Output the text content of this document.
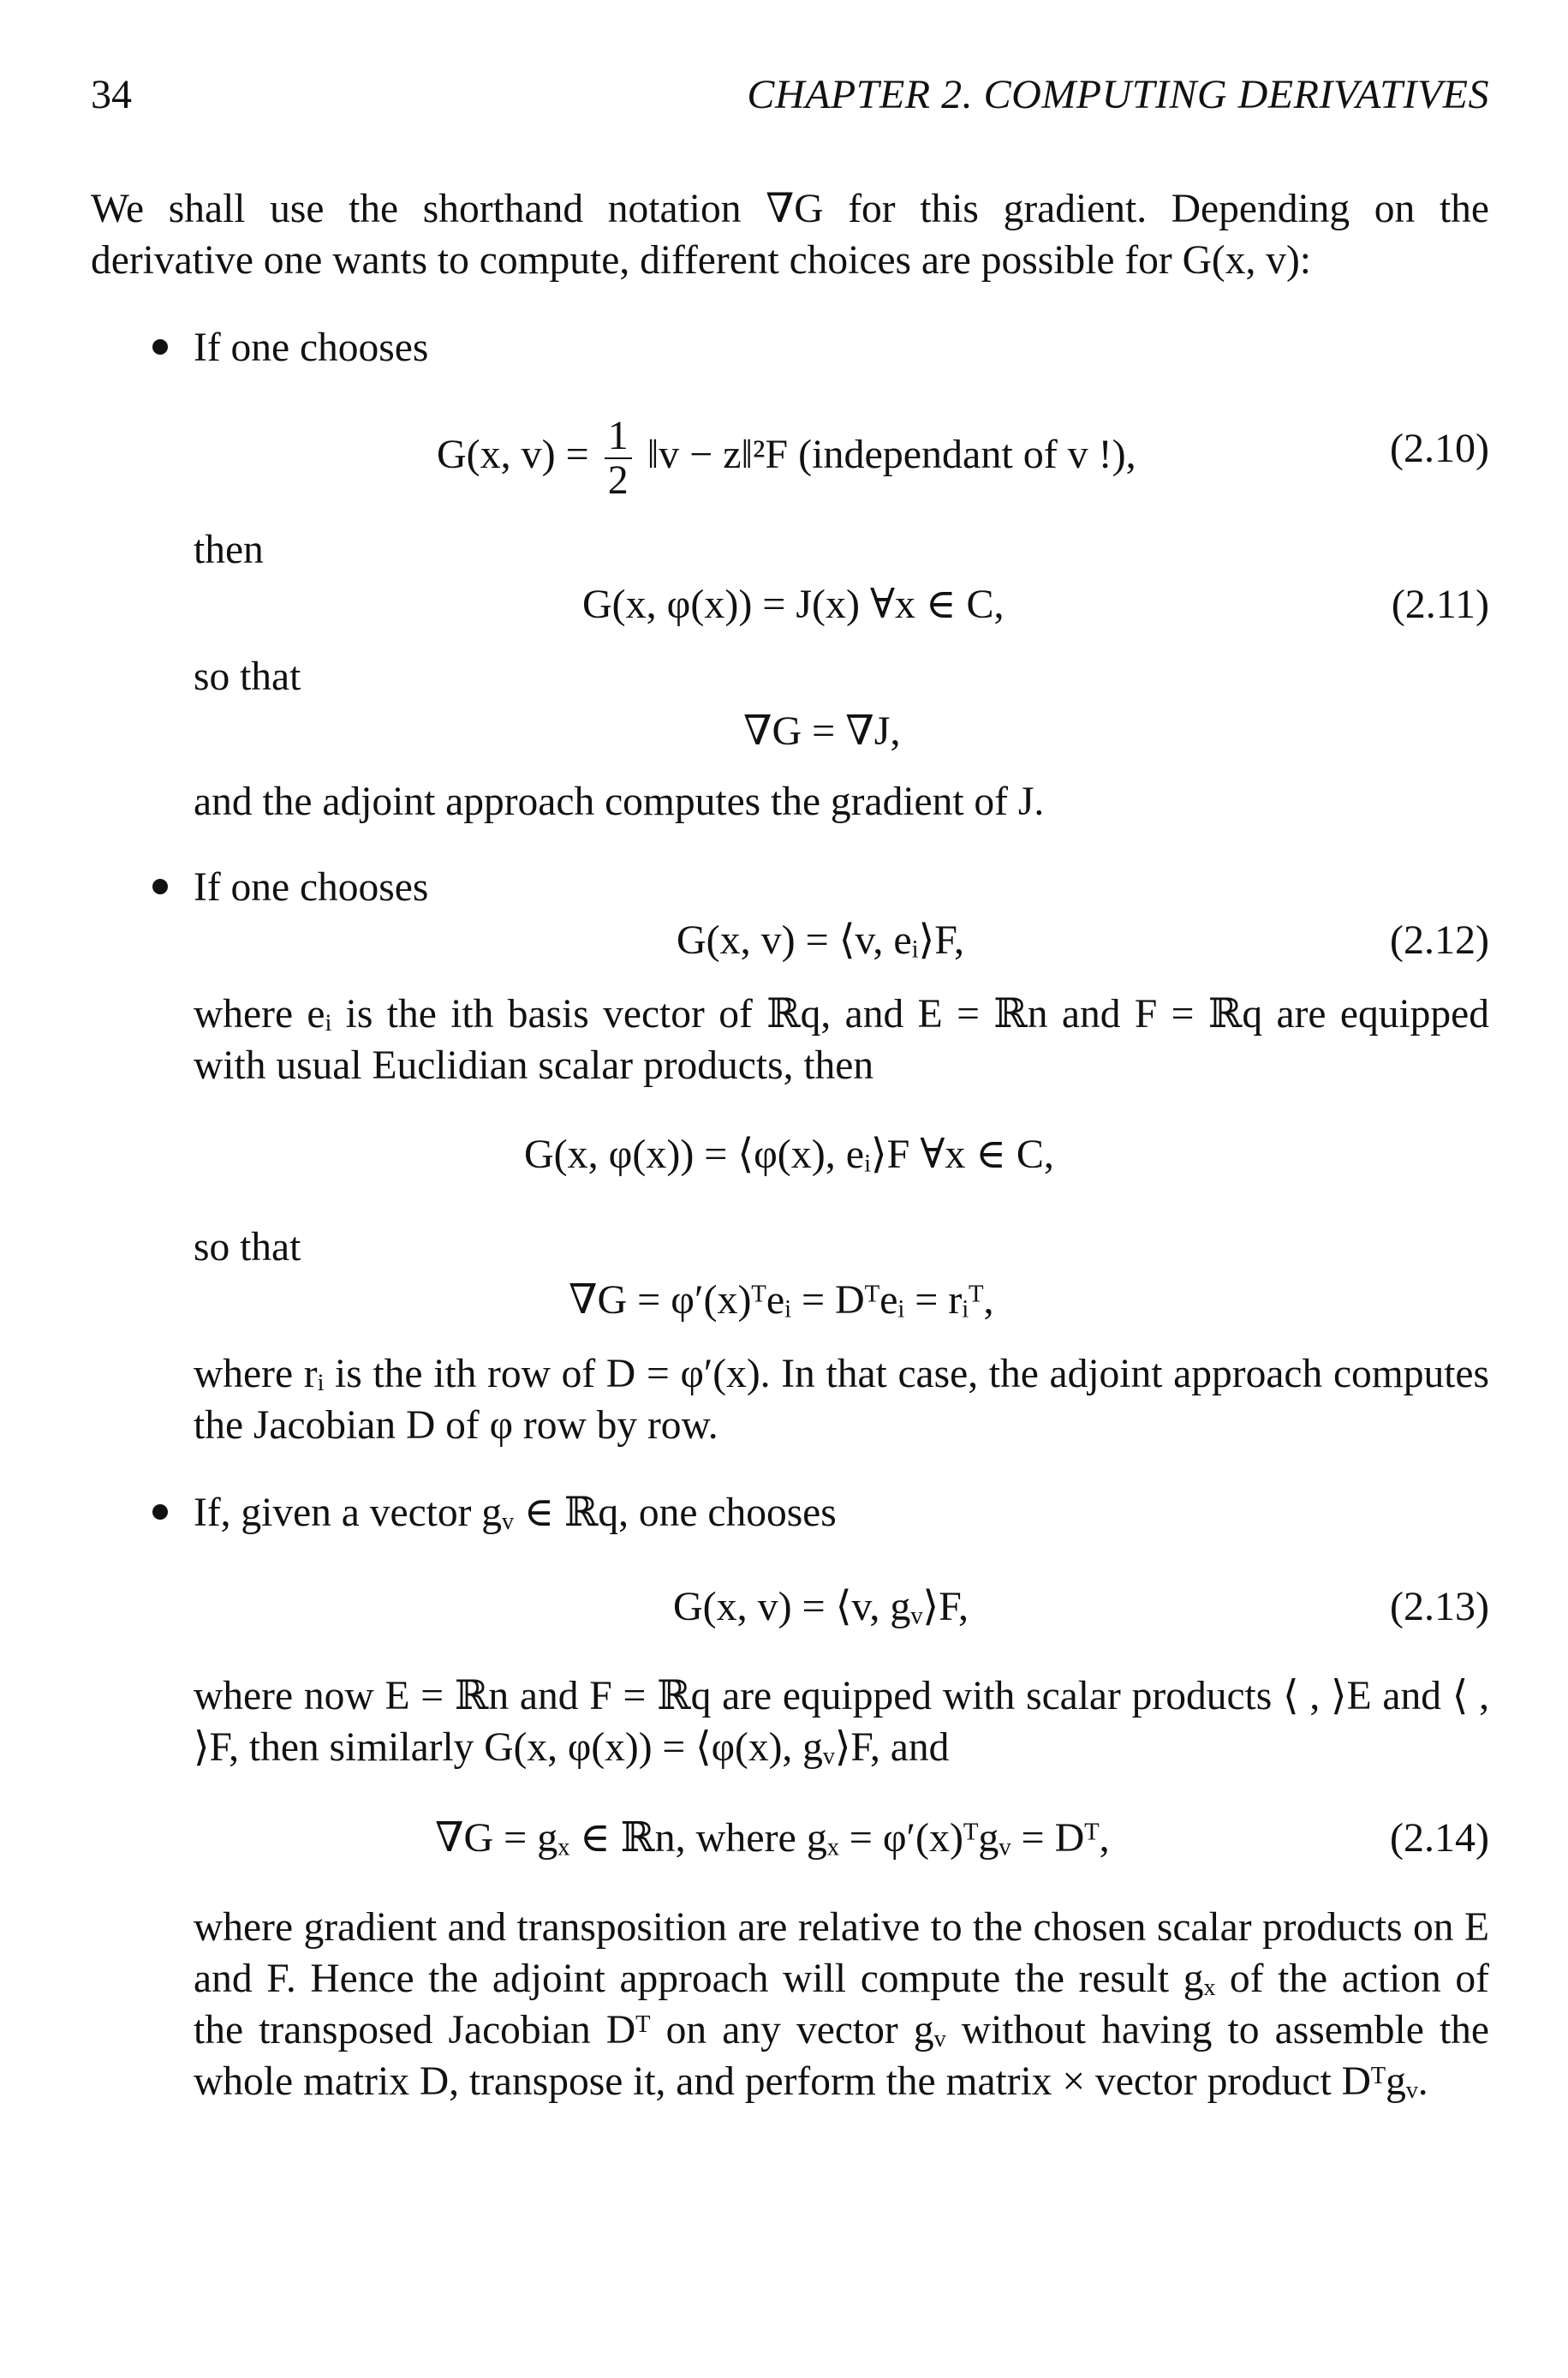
34	CHAPTER 2. COMPUTING DERIVATIVES

We shall use the shorthand notation ∇G for this gradient. Depending on the derivative one wants to compute, different choices are possible for G(x, v):

If one chooses

G(x, $v) = \frac{1}{2}$ ‖v − z‖²F (independant of v !),	(2.10)

then

G(x, φ(x)) = J(x) ∀x ∈ C,	(2.11)

so that

∇G = ∇J,

and the adjoint approach computes the gradient of J.

If one chooses

G(x, v) = ⟨v, eᵢ⟩F,	(2.12)

where eᵢ is the ith basis vector of ℝq, and E = ℝn and F = ℝq are equipped with usual Euclidian scalar products, then

G(x, φ(x)) = ⟨φ(x), eᵢ⟩F ∀x ∈ C,

so that

∇G = φ′(x)ᵀeᵢ = Dᵀeᵢ = rᵢᵀ,

where rᵢ is the ith row of D = φ′(x). In that case, the adjoint approach computes the Jacobian D of φ row by row.

If, given a vector gᵥ ∈ ℝq, one chooses

G(x, v) = ⟨v, gᵥ⟩F,	(2.13)

where now E = ℝn and F = ℝq are equipped with scalar products ⟨ , ⟩E and ⟨ , ⟩F, then similarly G(x, φ(x)) = ⟨φ(x), gᵥ⟩F, and

∇G = gₓ ∈ ℝn, where gₓ = φ′(x)ᵀgᵥ = Dᵀ,	(2.14)

where gradient and transposition are relative to the chosen scalar products on E and F. Hence the adjoint approach will compute the result gₓ of the action of the transposed Jacobian Dᵀ on any vector gᵥ without having to assemble the whole matrix D, transpose it, and perform the matrix × vector product Dᵀgᵥ.
